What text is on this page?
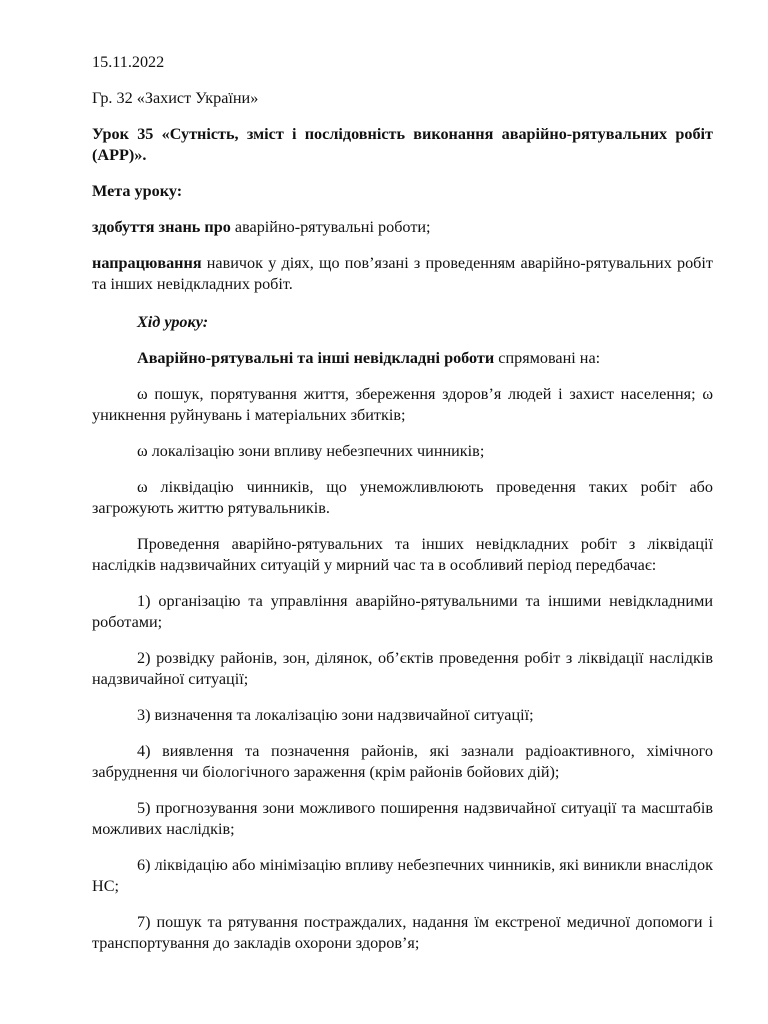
15.11.2022

Гр. 32 «Захист України»

Урок 35 «Сутність, зміст і послідовність виконання аварійно-рятувальних робіт (АРР)».

Мета уроку:

здобуття знань про аварійно-рятувальні роботи;

напрацювання навичок у діях, що пов’язані з проведенням аварійно-рятувальних робіт та інших невідкладних робіт.

Хід уроку:

Аварійно-рятувальні та інші невідкладні роботи спрямовані на:

ω пошук, порятування життя, збереження здоров’я людей і захист населення; ω уникнення руйнувань і матеріальних збитків;

ω локалізацію зони впливу небезпечних чинників;

ω ліквідацію чинників, що унеможливлюють проведення таких робіт або загрожують життю рятувальників.

Проведення аварійно-рятувальних та інших невідкладних робіт з ліквідації наслідків надзвичайних ситуацій у мирний час та в особливий період передбачає:

1) організацію та управління аварійно-рятувальними та іншими невідкладними роботами;

2) розвідку районів, зон, ділянок, об’єктів проведення робіт з ліквідації наслідків надзвичайної ситуації;

3) визначення та локалізацію зони надзвичайної ситуації;

4) виявлення та позначення районів, які зазнали радіоактивного, хімічного забруднення чи біологічного зараження (крім районів бойових дій);

5) прогнозування зони можливого поширення надзвичайної ситуації та масштабів можливих наслідків;

6) ліквідацію або мінімізацію впливу небезпечних чинників, які виникли внаслідок НС;

7) пошук та рятування постраждалих, надання їм екстреної медичної допомоги і транспортування до закладів охорони здоров’я;
